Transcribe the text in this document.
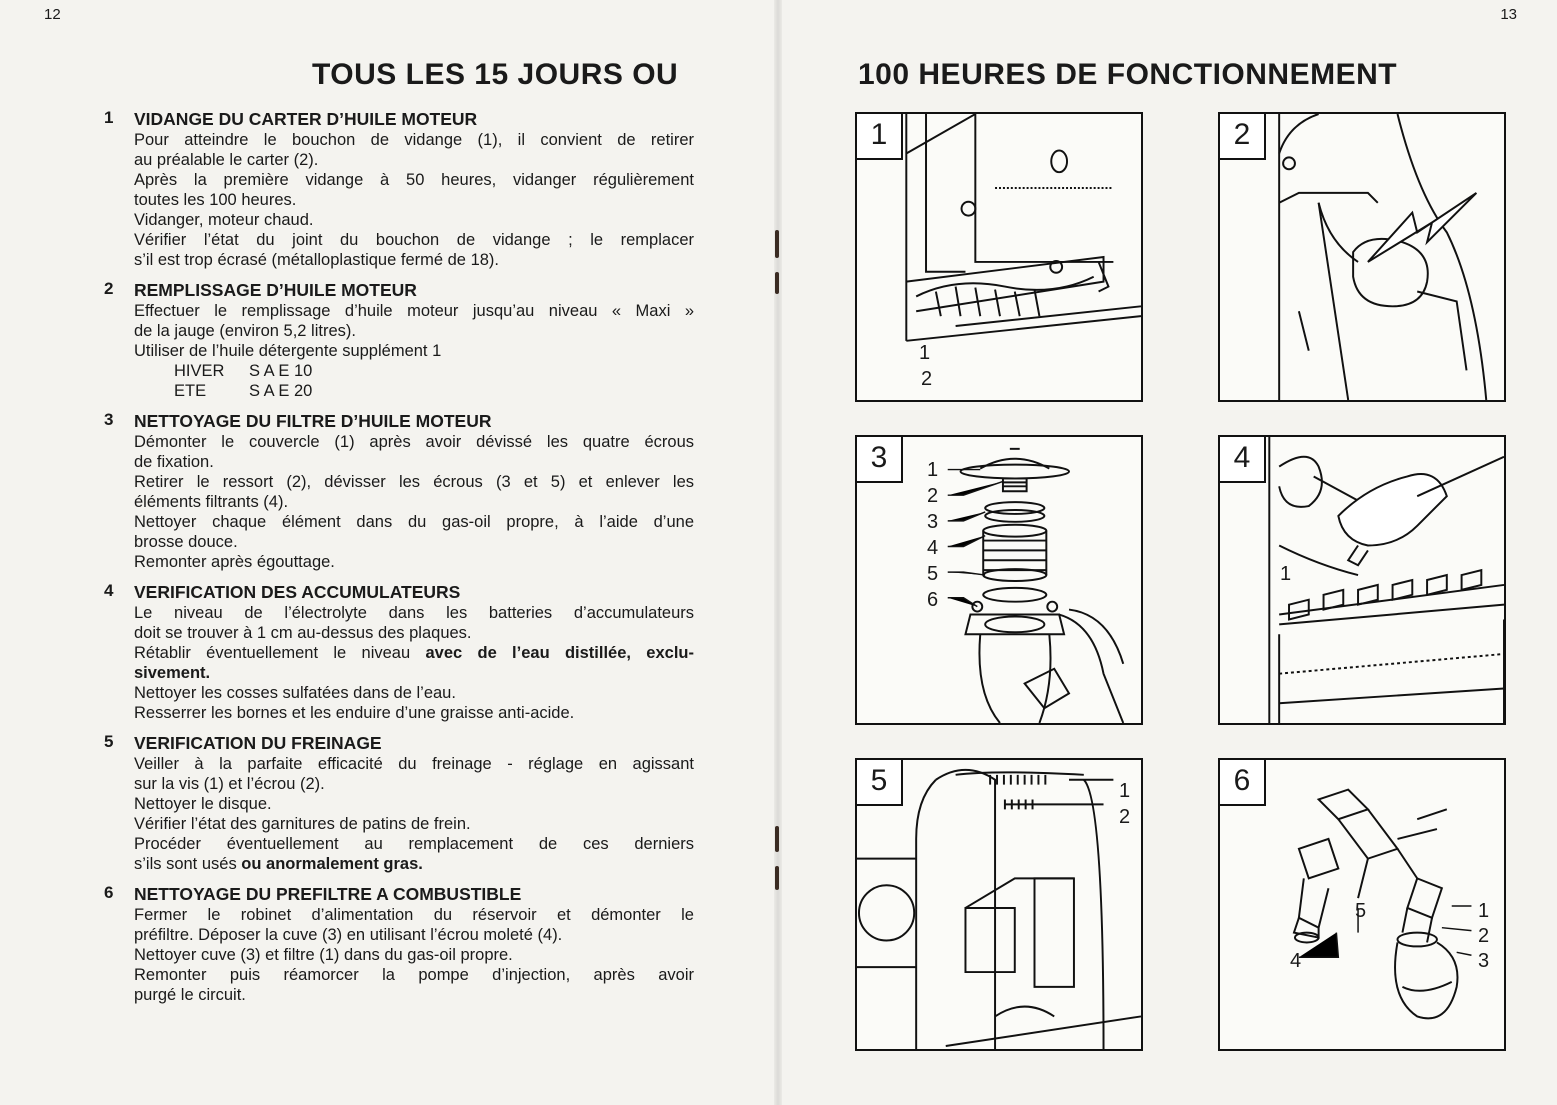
12	13
TOUS LES 15 JOURS OU	100 HEURES DE FONCTIONNEMENT
1 VIDANGE DU CARTER D’HUILE MOTEUR
Pour atteindre le bouchon de vidange (1), il convient de retirer
au préalable le carter (2).
Après la première vidange à 50 heures, vidanger régulièrement
toutes les 100 heures.
Vidanger, moteur chaud.
Vérifier l’état du joint du bouchon de vidange ; le remplacer
s’il est trop écrasé (métalloplastique fermé de 18).
2 REMPLISSAGE D’HUILE MOTEUR
Effectuer le remplissage d’huile moteur jusqu’au niveau « Maxi »
de la jauge (environ 5,2 litres).
Utiliser de l’huile détergente supplément 1
HIVER	S A E 10
ETE	S A E 20
3 NETTOYAGE DU FILTRE D’HUILE MOTEUR
Démonter le couvercle (1) après avoir dévissé les quatre écrous
de fixation.
Retirer le ressort (2), dévisser les écrous (3 et 5) et enlever les
éléments filtrants (4).
Nettoyer chaque élément dans du gas-oil propre, à l’aide d’une
brosse douce.
Remonter après égouttage.
4 VERIFICATION DES ACCUMULATEURS
Le niveau de l’électrolyte dans les batteries d’accumulateurs
doit se trouver à 1 cm au-dessus des plaques.
Rétablir éventuellement le niveau avec de l’eau distillée, exclu-
sivement.
Nettoyer les cosses sulfatées dans de l’eau.
Resserrer les bornes et les enduire d’une graisse anti-acide.
5 VERIFICATION DU FREINAGE
Veiller à la parfaite efficacité du freinage - réglage en agissant
sur la vis (1) et l’écrou (2).
Nettoyer le disque.
Vérifier l’état des garnitures de patins de frein.
Procéder éventuellement au remplacement de ces derniers
s’ils sont usés ou anormalement gras.
6 NETTOYAGE DU PREFILTRE A COMBUSTIBLE
Fermer le robinet d’alimentation du réservoir et démonter le
préfiltre. Déposer la cuve (3) en utilisant l’écrou moleté (4).
Nettoyer cuve (3) et filtre (1) dans du gas-oil propre.
Remonter puis réamorcer la pompe d’injection, après avoir
purgé le circuit.
1
1
2
2
3	1
2
3
4
5
6
4
1
5	1
2
6
1
2
3
4
5
